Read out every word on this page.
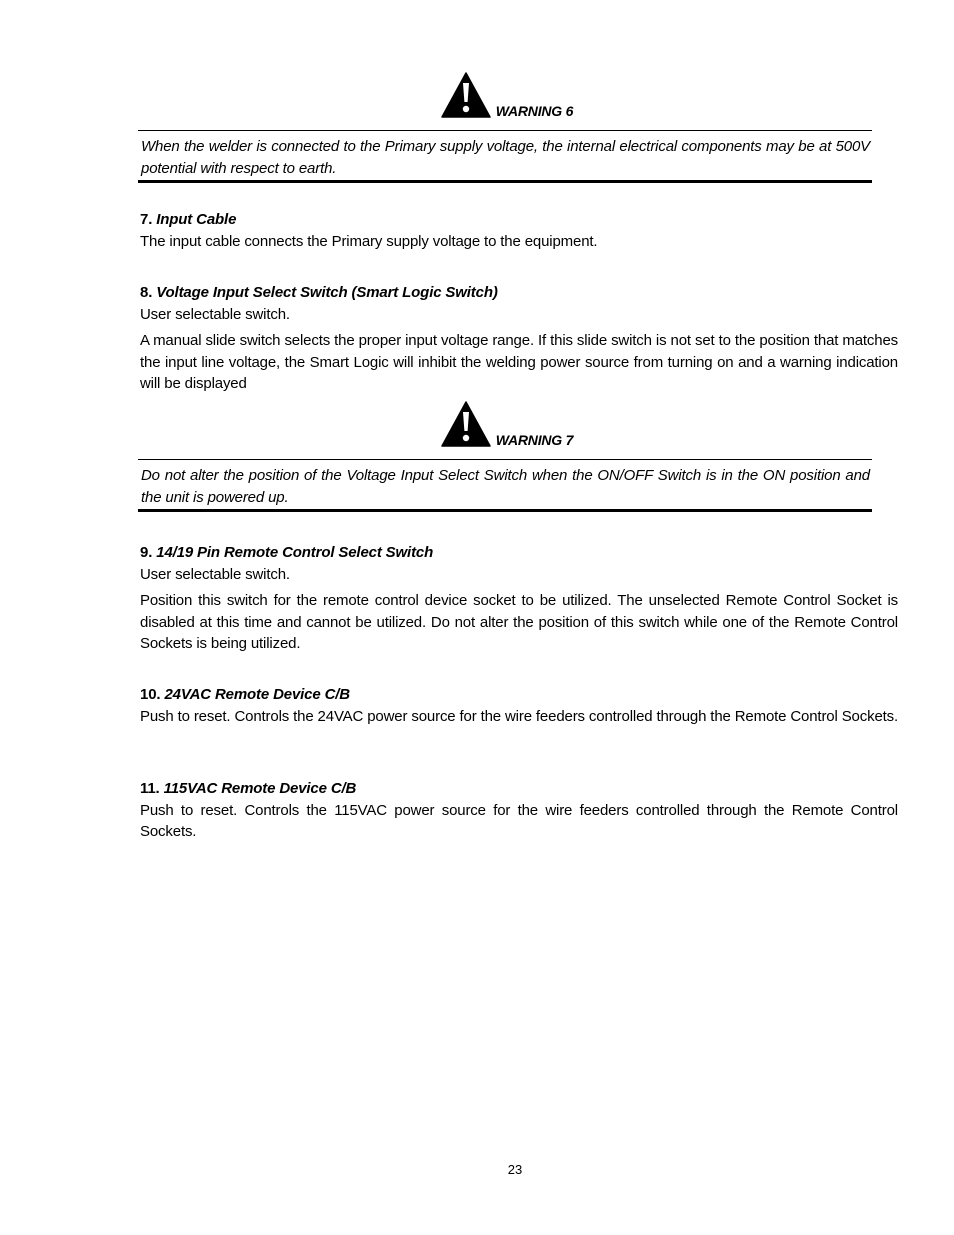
WARNING 6
When the welder is connected to the Primary supply voltage, the internal electrical components may be at 500V potential with respect to earth.
7. Input Cable

The input cable connects the Primary supply voltage to the equipment.

8. Voltage Input Select Switch (Smart Logic Switch)

User selectable switch.

A manual slide switch selects the proper input voltage range. If this slide switch is not set to the position that matches the input line voltage, the Smart Logic will inhibit the welding power source from turning on and a warning indication will be displayed

WARNING 7
Do not alter the position of the Voltage Input Select Switch when the ON/OFF Switch is in the ON position and the unit is powered up.
9. 14/19 Pin Remote Control Select Switch

User selectable switch.

Position this switch for the remote control device socket to be utilized. The unselected Remote Control Socket is disabled at this time and cannot be utilized. Do not alter the position of this switch while one of the Remote Control Sockets is being utilized.

10. 24VAC Remote Device C/B

Push to reset. Controls the 24VAC power source for the wire feeders controlled through the Remote Control Sockets.

11. 115VAC Remote Device C/B

Push to reset. Controls the 115VAC power source for the wire feeders controlled through the Remote Control Sockets.

23
